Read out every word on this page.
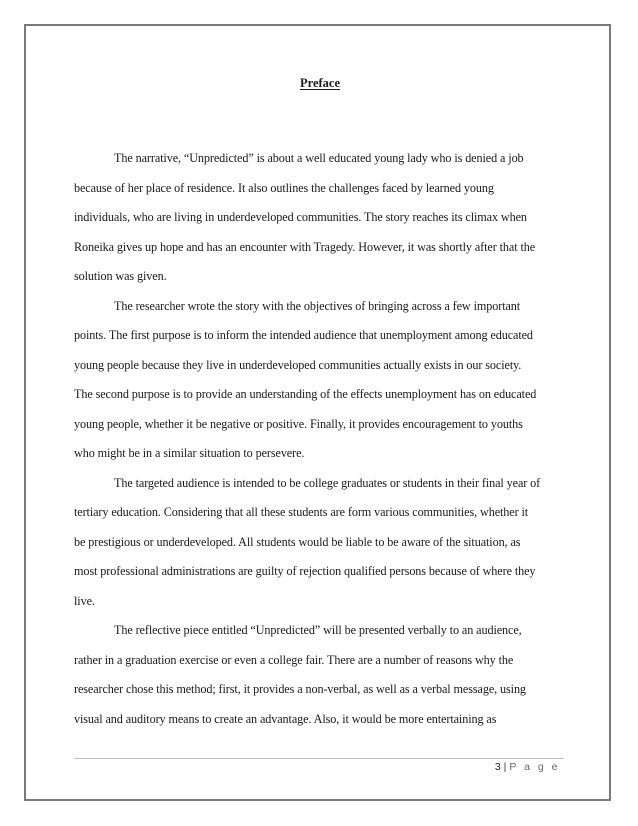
Preface
The narrative, “Unpredicted” is about a well educated young lady who is denied a job
because of her place of residence. It also outlines the challenges faced by learned young
individuals, who are living in underdeveloped communities. The story reaches its climax when
Roneika gives up hope and has an encounter with Tragedy. However, it was shortly after that the
solution was given.
The researcher wrote the story with the objectives of bringing across a few important
points. The first purpose is to inform the intended audience that unemployment among educated
young people because they live in underdeveloped communities actually exists in our society.
The second purpose is to provide an understanding of the effects unemployment has on educated
young people, whether it be negative or positive. Finally, it provides encouragement to youths
who might be in a similar situation to persevere.
The targeted audience is intended to be college graduates or students in their final year of
tertiary education. Considering that all these students are form various communities, whether it
be prestigious or underdeveloped. All students would be liable to be aware of the situation, as
most professional administrations are guilty of rejection qualified persons because of where they
live.
The reflective piece entitled “Unpredicted” will be presented verbally to an audience,
rather in a graduation exercise or even a college fair. There are a number of reasons why the
researcher chose this method; first, it provides a non-verbal, as well as a verbal message, using
visual and auditory means to create an advantage. Also, it would be more entertaining as
3 | P a g e
